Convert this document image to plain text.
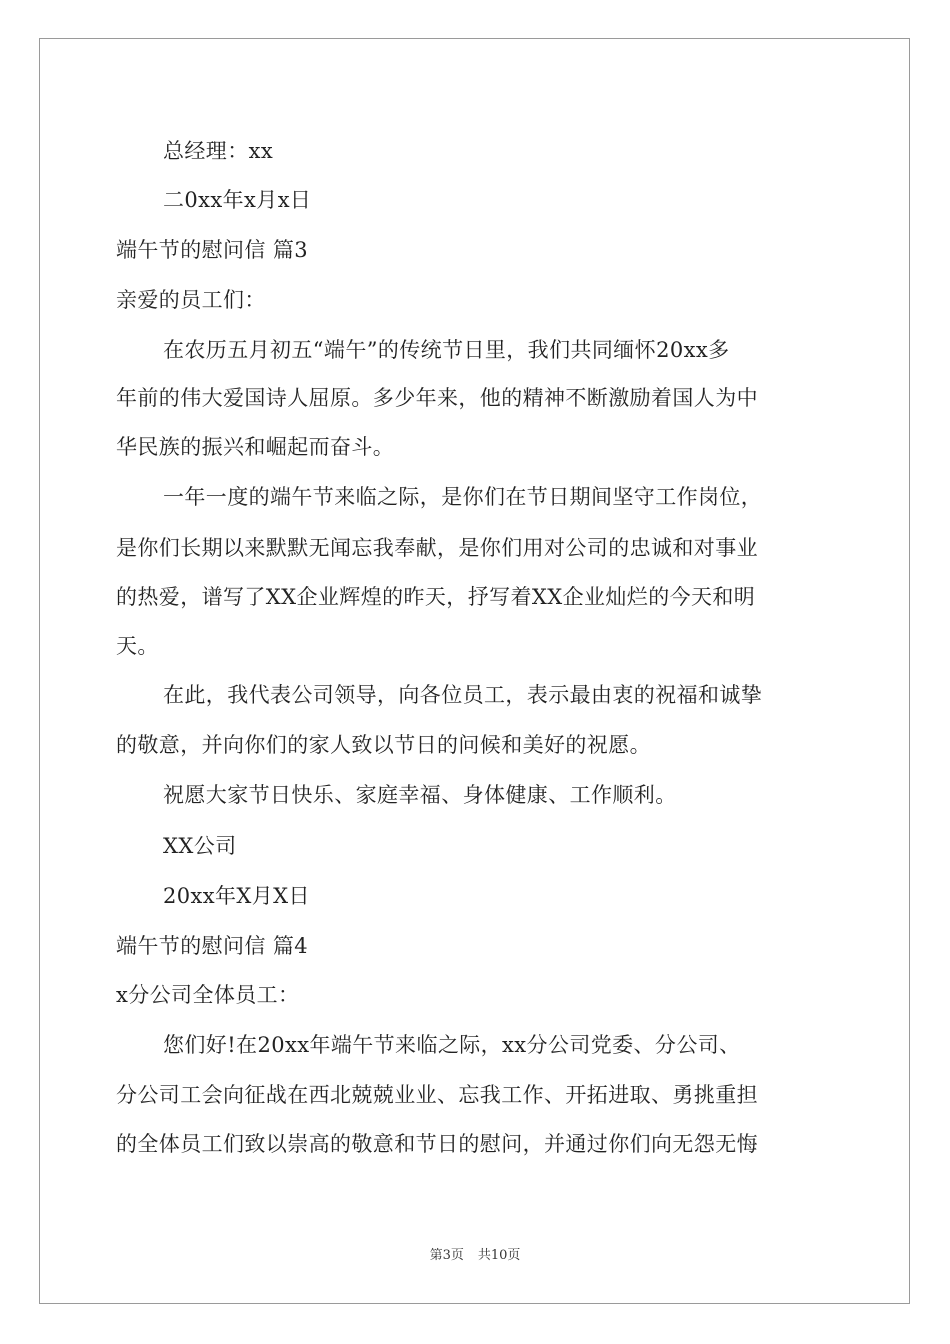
总经理：xx
二0xx年x月x日
端午节的慰问信 篇3
亲爱的员工们：
在农历五月初五“端午”的传统节日里，我们共同缅怀20xx多
年前的伟大爱国诗人屈原。多少年来，他的精神不断激励着国人为中
华民族的振兴和崛起而奋斗。
一年一度的端午节来临之际，是你们在节日期间坚守工作岗位，
是你们长期以来默默无闻忘我奉献，是你们用对公司的忠诚和对事业
的热爱，谱写了XX企业辉煌的昨天，抒写着XX企业灿烂的今天和明
天。
在此，我代表公司领导，向各位员工，表示最由衷的祝福和诚挚
的敬意，并向你们的家人致以节日的问候和美好的祝愿。
祝愿大家节日快乐、家庭幸福、身体健康、工作顺利。
XX公司
20xx年X月X日
端午节的慰问信 篇4
x分公司全体员工：
您们好!在20xx年端午节来临之际，xx分公司党委、分公司、
分公司工会向征战在西北兢兢业业、忘我工作、开拓进取、勇挑重担
的全体员工们致以崇高的敬意和节日的慰问，并通过你们向无怨无悔
第3页 共10页
